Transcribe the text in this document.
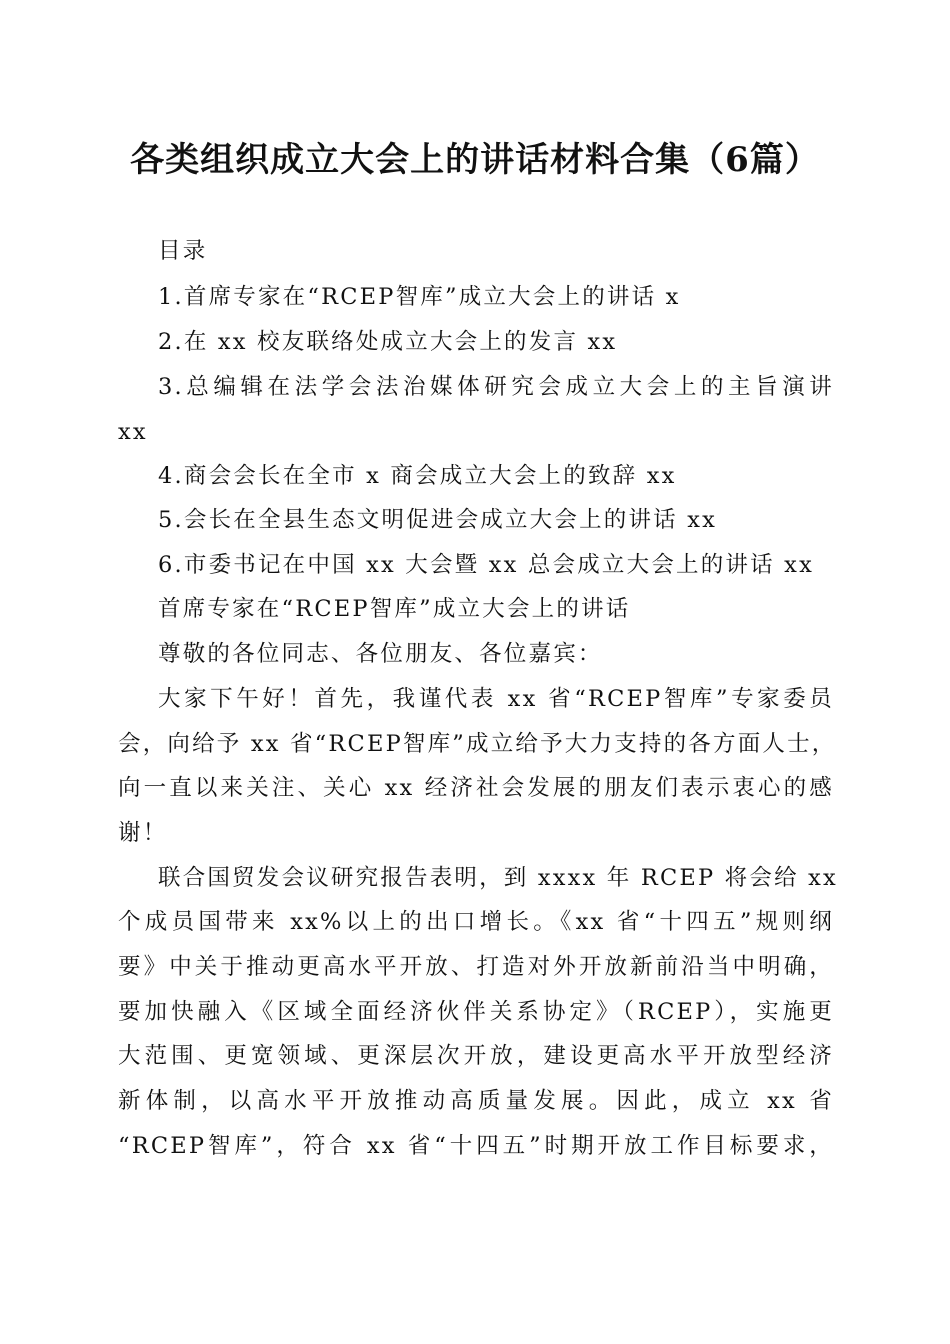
各类组织成立大会上的讲话材料合集（6篇）
目录
1.首席专家在“RCEP智库”成立大会上的讲话 x
2.在 xx 校友联络处成立大会上的发言 xx
3.总编辑在法学会法治媒体研究会成立大会上的主旨演讲
xx
4.商会会长在全市 x 商会成立大会上的致辞 xx
5.会长在全县生态文明促进会成立大会上的讲话 xx
6.市委书记在中国 xx 大会暨 xx 总会成立大会上的讲话 xx
首席专家在“RCEP智库”成立大会上的讲话
尊敬的各位同志、各位朋友、各位嘉宾：
大家下午好！首先，我谨代表 xx 省“RCEP智库”专家委员
会，向给予 xx 省“RCEP智库”成立给予大力支持的各方面人士，
向一直以来关注、关心 xx 经济社会发展的朋友们表示衷心的感
谢！
联合国贸发会议研究报告表明，到 xxxx 年 RCEP 将会给 xx
个成员国带来 xx%以上的出口增长。《xx 省“十四五”规则纲
要》中关于推动更高水平开放、打造对外开放新前沿当中明确，
要加快融入《区域全面经济伙伴关系协定》（RCEP），实施更
大范围、更宽领域、更深层次开放，建设更高水平开放型经济
新体制，以高水平开放推动高质量发展。因此，成立 xx 省
“RCEP智库”，符合 xx 省“十四五”时期开放工作目标要求，
